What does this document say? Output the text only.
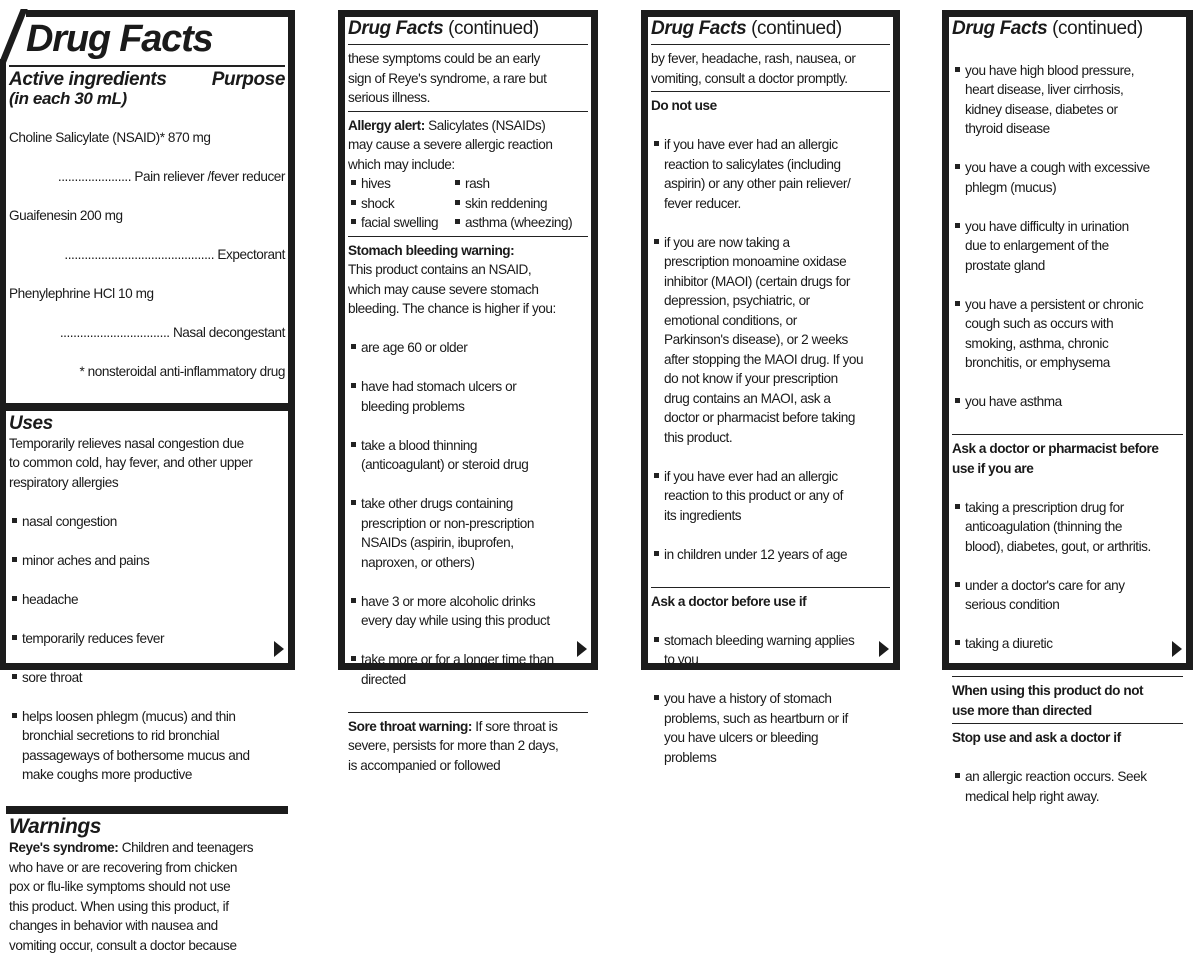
Drug Facts
Active ingredients Purpose
(in each 30 mL)

Choline Salicylate (NSAID)* 870 mg

...................... Pain reliever /fever reducer

Guaifenesin 200 mg

............................................. Expectorant

Phenylephrine HCl 10 mg

................................. Nasal decongestant

* nonsteroidal anti-inflammatory drug

Uses
Temporarily relieves nasal congestion due
to common cold, hay fever, and other upper
respiratory allergies

nasal congestion

minor aches and pains

headache

temporarily reduces fever

sore throat

helps loosen phlegm (mucus) and thin
bronchial secretions to rid bronchial
passageways of bothersome mucus and
make coughs more productive

Warnings
Reye's syndrome: Children and teenagers
who have or are recovering from chicken
pox or flu-like symptoms should not use
this product. When using this product, if
changes in behavior with nausea and
vomiting occur, consult a doctor because
Drug Facts (continued)
these symptoms could be an early
sign of Reye's syndrome, a rare but
serious illness.
Allergy alert: Salicylates (NSAIDs)
may cause a severe allergic reaction
which may include:
hives	rash
shock	skin reddening
facial swelling	asthma (wheezing)
Stomach bleeding warning:
This product contains an NSAID,
which may cause severe stomach
bleeding. The chance is higher if you:

are age 60 or older

have had stomach ulcers or
bleeding problems

take a blood thinning
(anticoagulant) or steroid drug

take other drugs containing
prescription or non-prescription
NSAIDs (aspirin, ibuprofen,
naproxen, or others)

have 3 or more alcoholic drinks
every day while using this product

take more or for a longer time than
directed

Sore throat warning: If sore throat is
severe, persists for more than 2 days,
is accompanied or followed
Drug Facts (continued)
by fever, headache, rash, nausea, or
vomiting, consult a doctor promptly.
Do not use

if you have ever had an allergic
reaction to salicylates (including
aspirin) or any other pain reliever/
fever reducer.

if you are now taking a
prescription monoamine oxidase
inhibitor (MAOI) (certain drugs for
depression, psychiatric, or
emotional conditions, or
Parkinson's disease), or 2 weeks
after stopping the MAOI drug. If you
do not know if your prescription
drug contains an MAOI, ask a
doctor or pharmacist before taking
this product.

if you have ever had an allergic
reaction to this product or any of
its ingredients

in children under 12 years of age

Ask a doctor before use if

stomach bleeding warning applies
to you

you have a history of stomach
problems, such as heartburn or if
you have ulcers or bleeding
problems

Drug Facts (continued)

you have high blood pressure,
heart disease, liver cirrhosis,
kidney disease, diabetes or
thyroid disease

you have a cough with excessive
phlegm (mucus)

you have difficulty in urination
due to enlargement of the
prostate gland

you have a persistent or chronic
cough such as occurs with
smoking, asthma, chronic
bronchitis, or emphysema

you have asthma

Ask a doctor or pharmacist before
use if you are

taking a prescription drug for
anticoagulation (thinning the
blood), diabetes, gout, or arthritis.

under a doctor's care for any
serious condition

taking a diuretic

When using this product do not
use more than directed
Stop use and ask a doctor if

an allergic reaction occurs. Seek
medical help right away.
